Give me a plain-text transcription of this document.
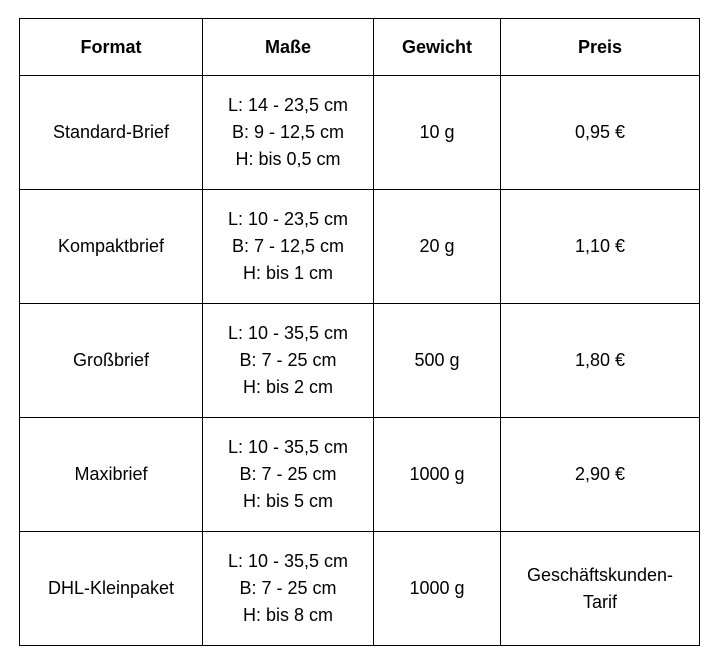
Format	Maße	Gewicht	Preis
Standard-Brief	L: 14 - 23,5 cm
B: 9 - 12,5 cm
H: bis 0,5 cm	10 g	0,95 €

Kompaktbrief	L: 10 - 23,5 cm
B: 7 - 12,5 cm
H: bis 1 cm	20 g	1,10 €

Großbrief	L: 10 - 35,5 cm
B: 7 - 25 cm
H: bis 2 cm	500 g	1,80 €

Maxibrief	L: 10 - 35,5 cm
B: 7 - 25 cm
H: bis 5 cm	1000 g	2,90 €

DHL-Kleinpaket	L: 10 - 35,5 cm
B: 7 - 25 cm
H: bis 8 cm	1000 g	Geschäftskunden-
Tarif
